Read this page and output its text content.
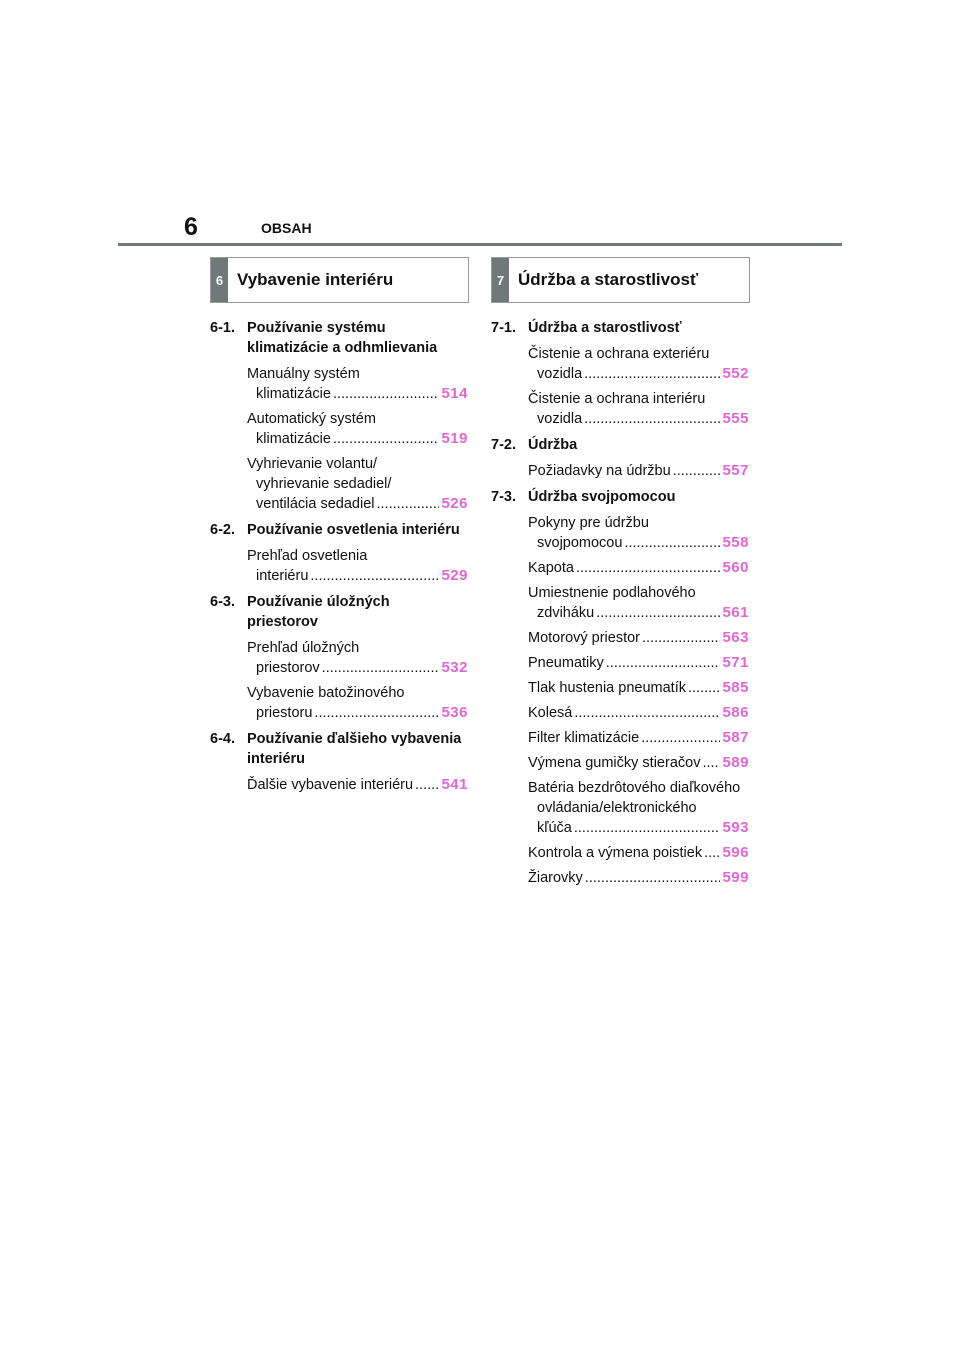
6	OBSAH
6 Vybavenie interiéru	7 Údržba a starostlivosť
6-1. Používanie systému
klimatizácie a odhmlievania
Manuálny systém
klimatizácie .....	514
Automatický systém
klimatizácie .....	519
Vyhrievanie volantu/
vyhrievanie sedadiel/
ventilácia sedadiel .....	526
6-2. Používanie osvetlenia interiéru
Prehľad osvetlenia
interiéru .....	529
6-3. Používanie úložných
priestorov
Prehľad úložných
priestorov .....	532
Vybavenie batožinového
priestoru .....	536
6-4. Používanie ďalšieho vybavenia
interiéru
Ďalšie vybavenie interiéru ..... 541
7-1. Údržba a starostlivosť
Čistenie a ochrana exteriéru
vozidla .....	552
Čistenie a ochrana interiéru
vozidla .....	555
7-2. Údržba
Požiadavky na údržbu .....	557
7-3. Údržba svojpomocou
Pokyny pre údržbu
svojpomocou .....	558
Kapota .....	560
Umiestnenie podlahového
zdviháku .....	561
Motorový priestor .....	563
Pneumatiky .....	571
Tlak hustenia pneumatík ..... 585
Kolesá .....	586
Filter klimatizácie .....	587
Výmena gumičky stieračov ..... 589
Batéria bezdrôtového diaľkového
ovládania/elektronického
kľúča .....	593
Kontrola a výmena poistiek ..... 596
Žiarovky .....	599
